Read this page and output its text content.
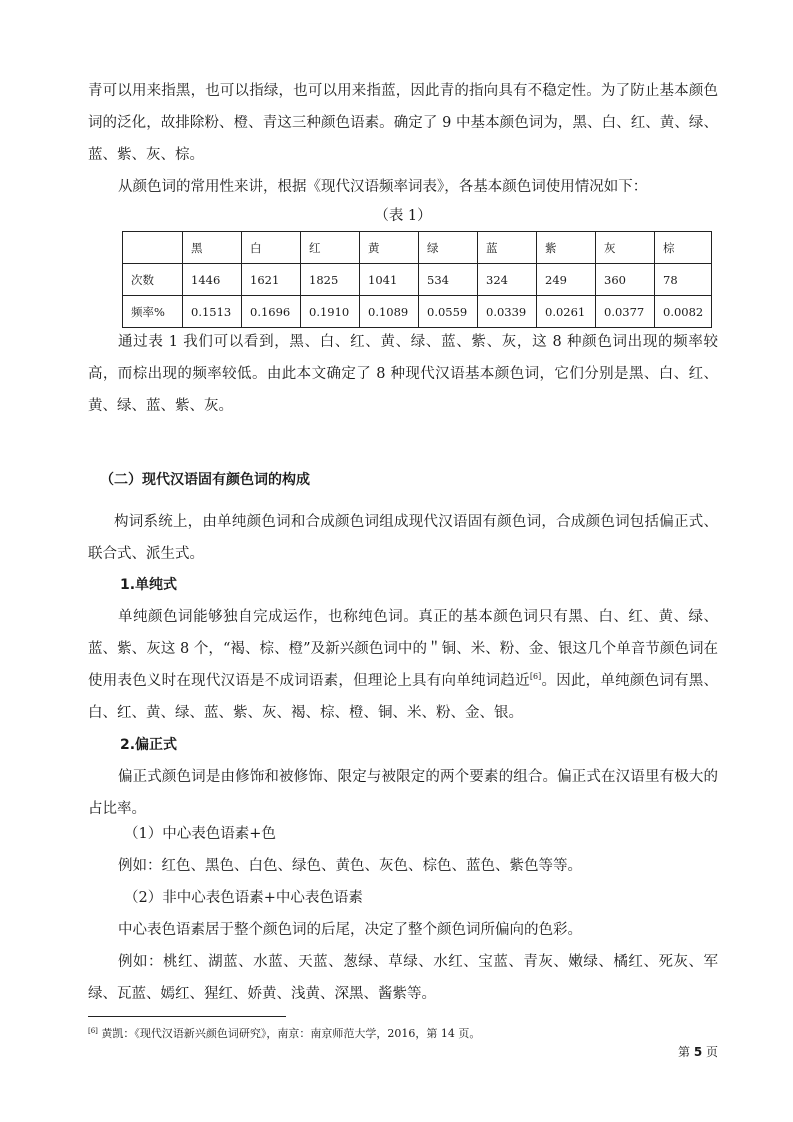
青可以用来指黑，也可以指绿，也可以用来指蓝，因此青的指向具有不稳定性。为了防止基本颜色词的泛化，故排除粉、橙、青这三种颜色语素。确定了 9 中基本颜色词为，黑、白、红、黄、绿、蓝、紫、灰、棕。

从颜色词的常用性来讲，根据《现代汉语频率词表》，各基本颜色词使用情况如下：

（表 1）
	黑	白	红	黄	绿	蓝	紫	灰	棕
次数	1446	1621	1825	1041	534	324	249	360	78
频率%	0.1513	0.1696	0.1910	0.1089	0.0559	0.0339	0.0261	0.0377	0.0082

通过表 1 我们可以看到，黑、白、红、黄、绿、蓝、紫、灰，这 8 种颜色词出现的频率较高，而棕出现的频率较低。由此本文确定了 8 种现代汉语基本颜色词，它们分别是黑、白、红、黄、绿、蓝、紫、灰。

（二）现代汉语固有颜色词的构成

构词系统上，由单纯颜色词和合成颜色词组成现代汉语固有颜色词，合成颜色词包括偏正式、联合式、派生式。

1.单纯式

单纯颜色词能够独自完成运作，也称纯色词。真正的基本颜色词只有黑、白、红、黄、绿、蓝、紫、灰这 8 个，“褐、棕、橙”及新兴颜色词中的＂铜、米、粉、金、银这几个单音节颜色词在使用表色义时在现代汉语是不成词语素，但理论上具有向单纯词趋近[6]。因此，单纯颜色词有黑、白、红、黄、绿、蓝、紫、灰、褐、棕、橙、铜、米、粉、金、银。

2.偏正式

偏正式颜色词是由修饰和被修饰、限定与被限定的两个要素的组合。偏正式在汉语里有极大的占比率。

（1）中心表色语素+色

例如：红色、黑色、白色、绿色、黄色、灰色、棕色、蓝色、紫色等等。

（2）非中心表色语素+中心表色语素

中心表色语素居于整个颜色词的后尾，决定了整个颜色词所偏向的色彩。

例如：桃红、湖蓝、水蓝、天蓝、葱绿、草绿、水红、宝蓝、青灰、嫩绿、橘红、死灰、军绿、瓦蓝、嫣红、猩红、娇黄、浅黄、深黑、酱紫等。

[6] 黄凯：《现代汉语新兴颜色词研究》，南京：南京师范大学，2016，第 14 页。
第 5 页
